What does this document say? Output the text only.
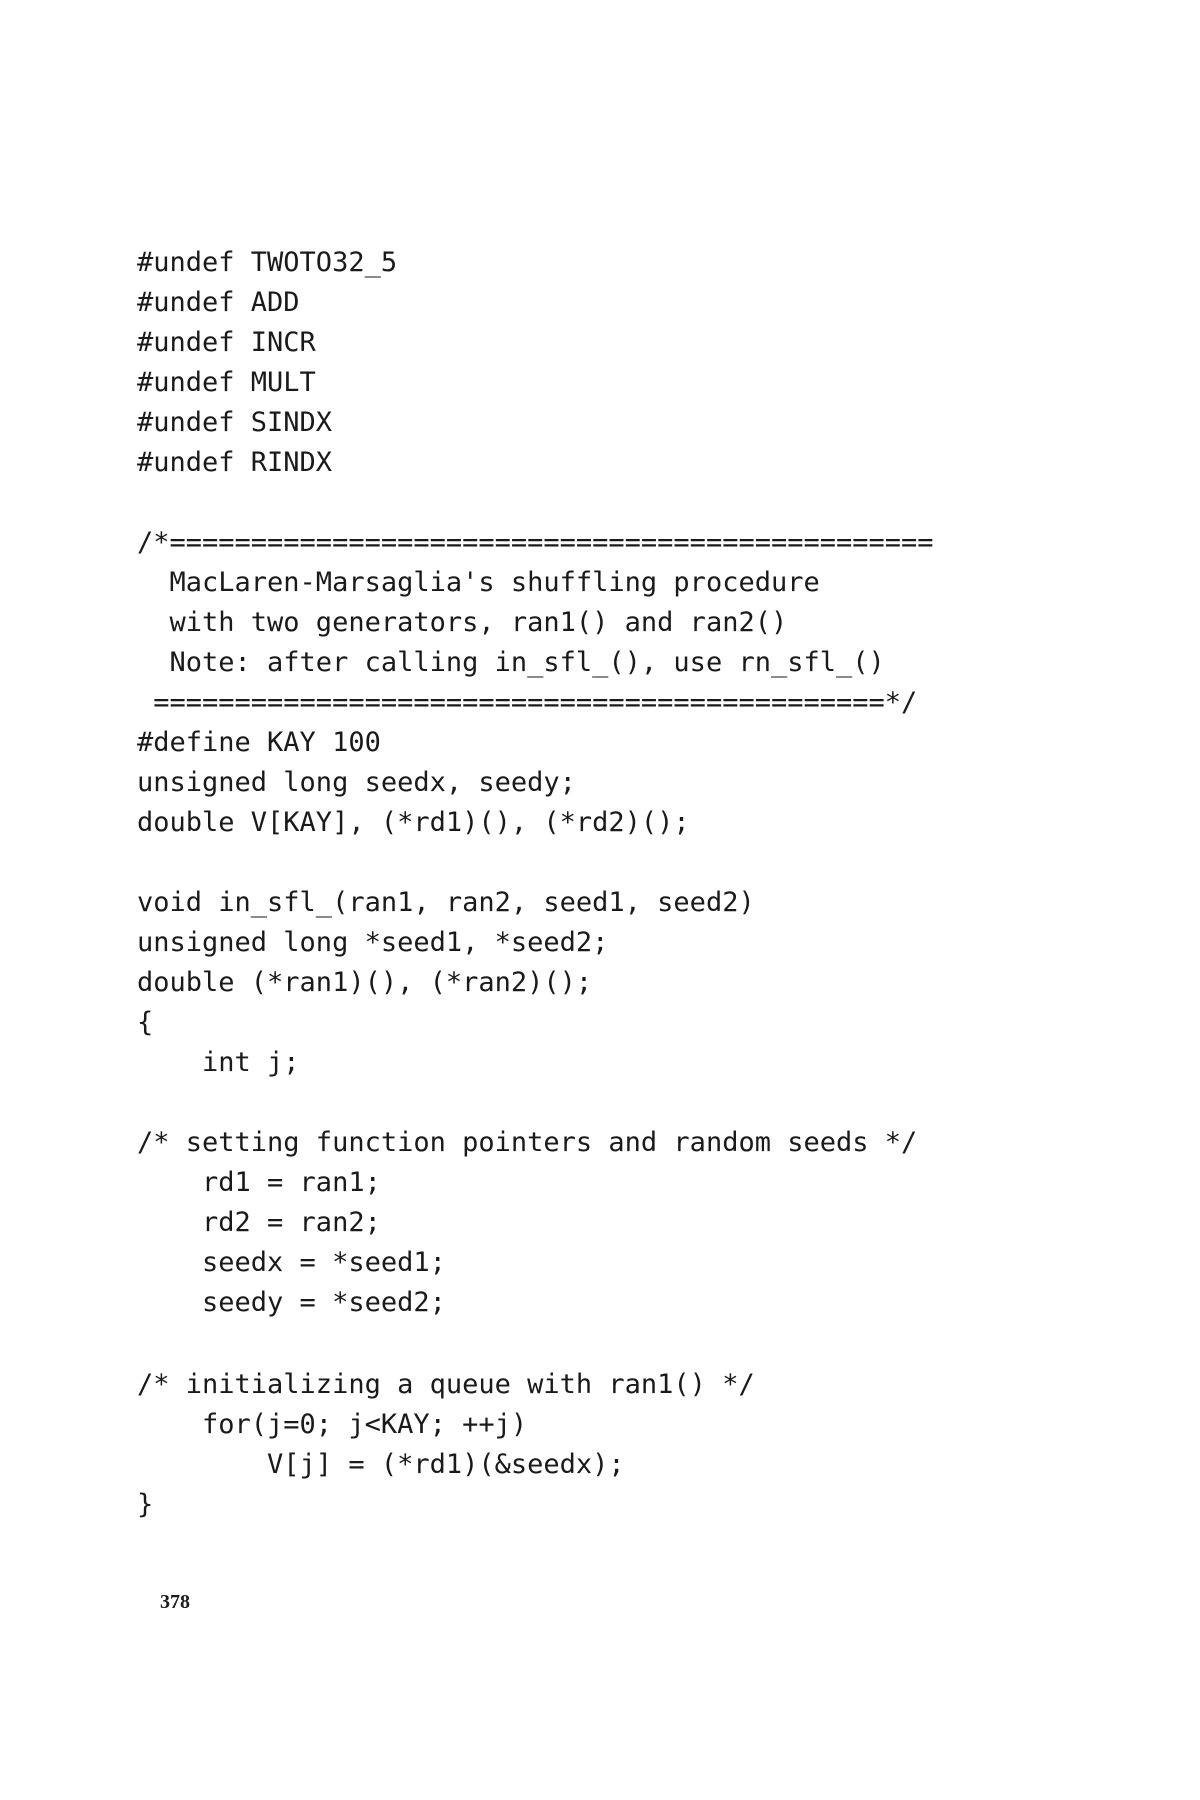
#undef TWOTO32_5
#undef ADD
#undef INCR
#undef MULT
#undef SINDX
#undef RINDX
/*===============================================
MacLaren-Marsaglia's shuffling procedure
with two generators, ran1() and ran2()
Note: after calling in_sfl_(), use rn_sfl_()
=============================================*/
#define KAY 100
unsigned long seedx, seedy;
double V[KAY], (*rd1)(), (*rd2)();
void in_sfl_(ran1, ran2, seed1, seed2)
unsigned long *seed1, *seed2;
double (*ran1)(), (*ran2)();
{
int j;
/* setting function pointers and random seeds */
rd1 = ran1;
rd2 = ran2;
seedx = *seed1;
seedy = *seed2;
/* initializing a queue with ran1() */
for(j=0; j<KAY; ++j)
V[j] = (*rd1)(&seedx);
}
378
